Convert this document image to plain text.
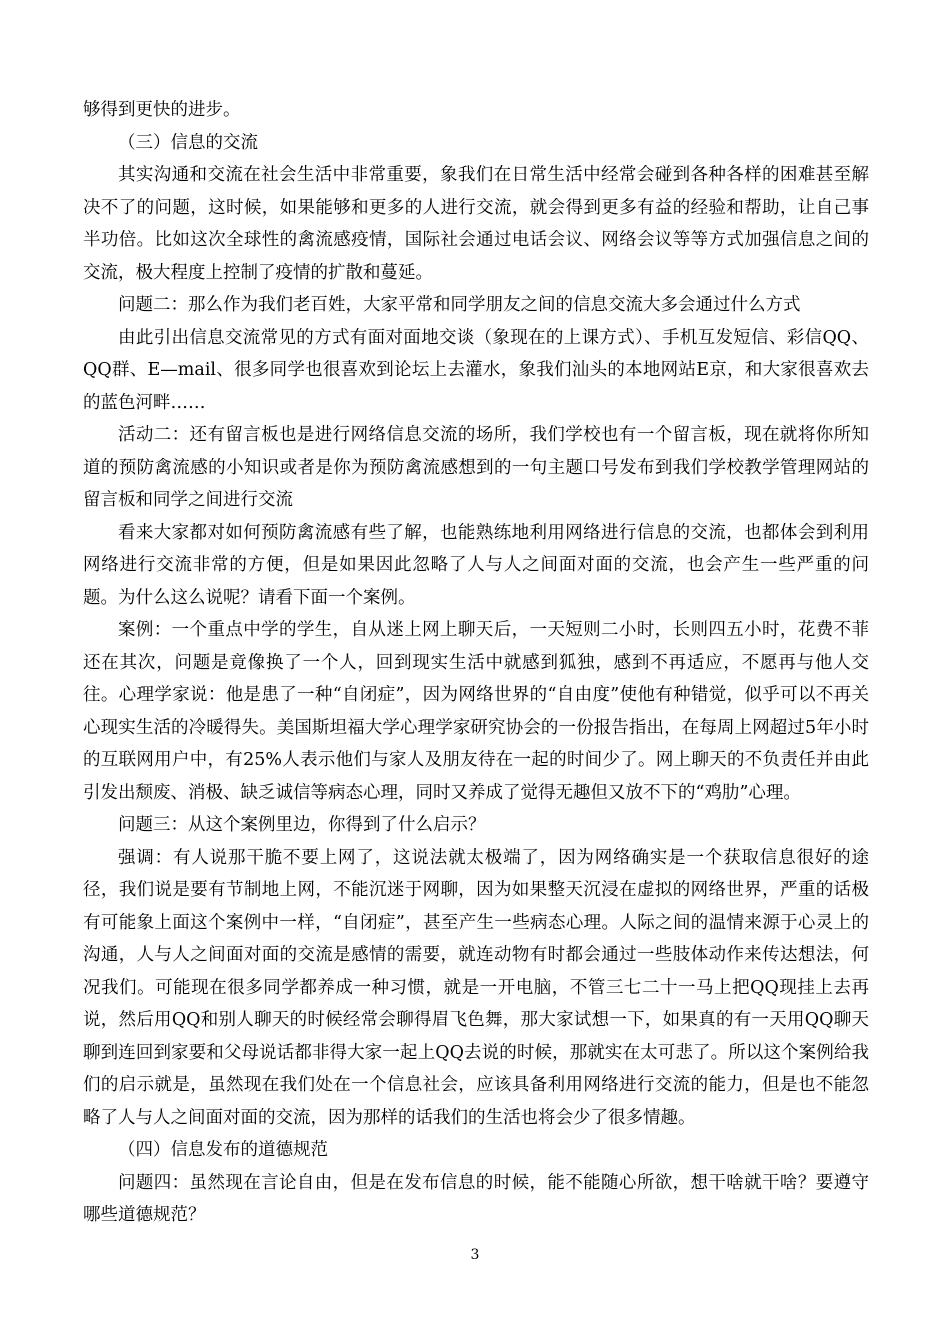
够得到更快的进步。

（三）信息的交流

其实沟通和交流在社会生活中非常重要，象我们在日常生活中经常会碰到各种各样的困难甚至解决不了的问题，这时候，如果能够和更多的人进行交流，就会得到更多有益的经验和帮助，让自己事半功倍。比如这次全球性的禽流感疫情，国际社会通过电话会议、网络会议等等方式加强信息之间的交流，极大程度上控制了疫情的扩散和蔓延。

问题二：那么作为我们老百姓，大家平常和同学朋友之间的信息交流大多会通过什么方式

由此引出信息交流常见的方式有面对面地交谈（象现在的上课方式）、手机互发短信、彩信QQ、QQ群、E—mail、很多同学也很喜欢到论坛上去灌水，象我们汕头的本地网站E京，和大家很喜欢去的蓝色河畔……

活动二：还有留言板也是进行网络信息交流的场所，我们学校也有一个留言板，现在就将你所知道的预防禽流感的小知识或者是你为预防禽流感想到的一句主题口号发布到我们学校教学管理网站的留言板和同学之间进行交流

看来大家都对如何预防禽流感有些了解，也能熟练地利用网络进行信息的交流，也都体会到利用网络进行交流非常的方便，但是如果因此忽略了人与人之间面对面的交流，也会产生一些严重的问题。为什么这么说呢？请看下面一个案例。

案例：一个重点中学的学生，自从迷上网上聊天后，一天短则二小时，长则四五小时，花费不菲还在其次，问题是竟像换了一个人，回到现实生活中就感到狐独，感到不再适应，不愿再与他人交往。心理学家说：他是患了一种“自闭症”，因为网络世界的“自由度”使他有种错觉，似乎可以不再关心现实生活的冷暖得失。美国斯坦福大学心理学家研究协会的一份报告指出，在每周上网超过5年小时的互联网用户中，有25%人表示他们与家人及朋友待在一起的时间少了。网上聊天的不负责任并由此引发出颓废、消极、缺乏诚信等病态心理，同时又养成了觉得无趣但又放不下的“鸡肋”心理。

问题三：从这个案例里边，你得到了什么启示？

强调：有人说那干脆不要上网了，这说法就太极端了，因为网络确实是一个获取信息很好的途径，我们说是要有节制地上网，不能沉迷于网聊，因为如果整天沉浸在虚拟的网络世界，严重的话极有可能象上面这个案例中一样，“自闭症”，甚至产生一些病态心理。人际之间的温情来源于心灵上的沟通，人与人之间面对面的交流是感情的需要，就连动物有时都会通过一些肢体动作来传达想法，何况我们。可能现在很多同学都养成一种习惯，就是一开电脑，不管三七二十一马上把QQ现挂上去再说，然后用QQ和别人聊天的时候经常会聊得眉飞色舞，那大家试想一下，如果真的有一天用QQ聊天聊到连回到家要和父母说话都非得大家一起上QQ去说的时候，那就实在太可悲了。所以这个案例给我们的启示就是，虽然现在我们处在一个信息社会，应该具备利用网络进行交流的能力，但是也不能忽略了人与人之间面对面的交流，因为那样的话我们的生活也将会少了很多情趣。

（四）信息发布的道德规范

问题四：虽然现在言论自由，但是在发布信息的时候，能不能随心所欲，想干啥就干啥？要遵守哪些道德规范？

3
